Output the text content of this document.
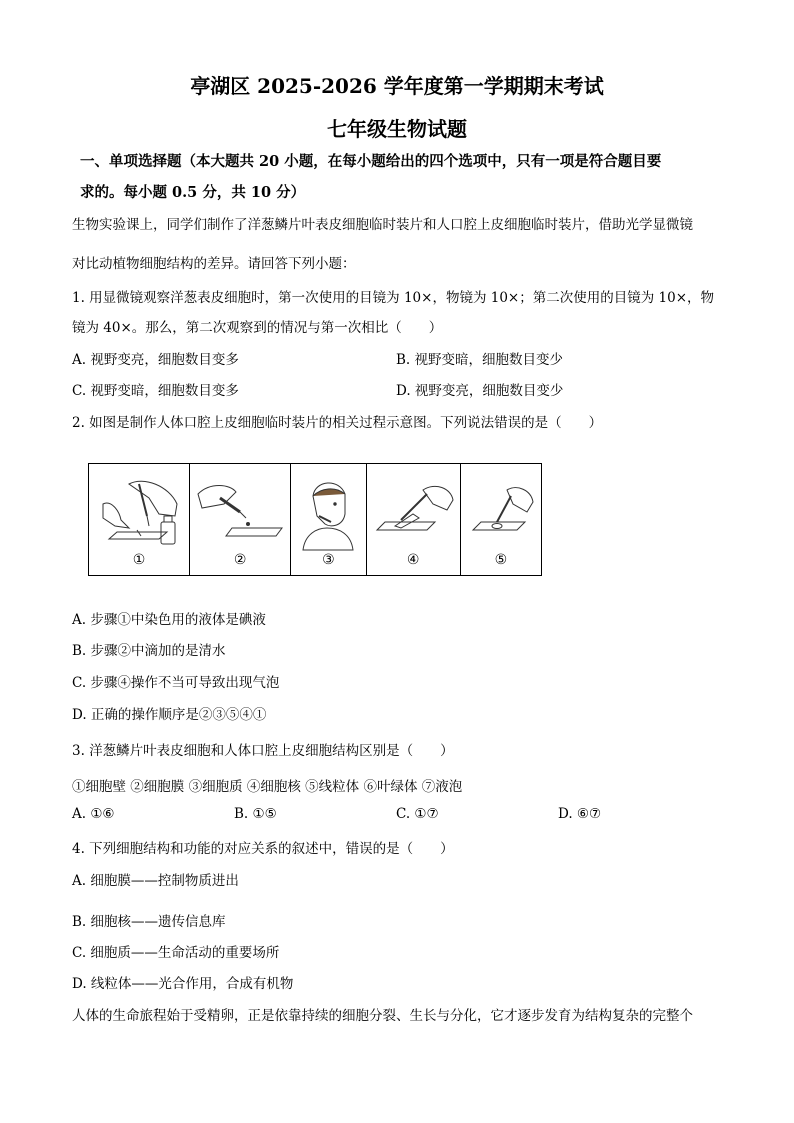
亭湖区 2025-2026 学年度第一学期期末考试
七年级生物试题
一、单项选择题（本大题共 20 小题，在每小题给出的四个选项中，只有一项是符合题目要
求的。每小题 0.5 分，共 10 分）
生物实验课上，同学们制作了洋葱鳞片叶表皮细胞临时装片和人口腔上皮细胞临时装片，借助光学显微镜
对比动植物细胞结构的差异。请回答下列小题：
1. 用显微镜观察洋葱表皮细胞时，第一次使用的目镜为 10×，物镜为 10×；第二次使用的目镜为 10×，物
镜为 40×。那么，第二次观察到的情况与第一次相比（　　）
A. 视野变亮，细胞数目变多	B. 视野变暗，细胞数目变少
C. 视野变暗，细胞数目变多	D. 视野变亮，细胞数目变少
2. 如图是制作人体口腔上皮细胞临时装片的相关过程示意图。下列说法错误的是（　　）
①	②	③	④	⑤
A. 步骤①中染色用的液体是碘液
B. 步骤②中滴加的是清水
C. 步骤④操作不当可导致出现气泡
D. 正确的操作顺序是②③⑤④①
3. 洋葱鳞片叶表皮细胞和人体口腔上皮细胞结构区别是（　　）
①细胞壁 ②细胞膜 ③细胞质 ④细胞核 ⑤线粒体 ⑥叶绿体 ⑦液泡
A. ①⑥	B. ①⑤	C. ①⑦	D. ⑥⑦
4. 下列细胞结构和功能的对应关系的叙述中，错误的是（　　）
A. 细胞膜——控制物质进出
B. 细胞核——遗传信息库
C. 细胞质——生命活动的重要场所
D. 线粒体——光合作用，合成有机物
人体的生命旅程始于受精卵，正是依靠持续的细胞分裂、生长与分化，它才逐步发育为结构复杂的完整个
